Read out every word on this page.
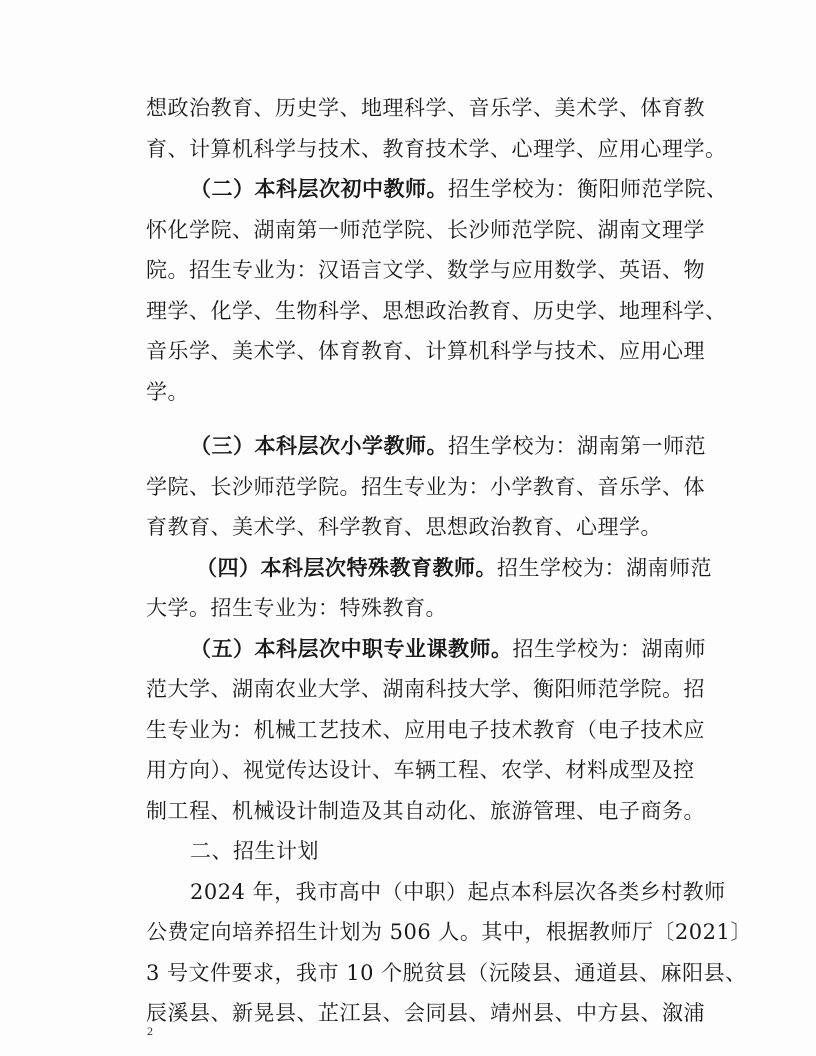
想政治教育、历史学、地理科学、音乐学、美术学、体育教
育、计算机科学与技术、教育技术学、心理学、应用心理学。
（二）本科层次初中教师。招生学校为：衡阳师范学院、
怀化学院、湖南第一师范学院、长沙师范学院、湖南文理学
院。招生专业为：汉语言文学、数学与应用数学、英语、物
理学、化学、生物科学、思想政治教育、历史学、地理科学、
音乐学、美术学、体育教育、计算机科学与技术、应用心理
学。
（三）本科层次小学教师。招生学校为：湖南第一师范
学院、长沙师范学院。招生专业为：小学教育、音乐学、体
育教育、美术学、科学教育、思想政治教育、心理学。
（四）本科层次特殊教育教师。招生学校为：湖南师范
大学。招生专业为：特殊教育。
（五）本科层次中职专业课教师。招生学校为：湖南师
范大学、湖南农业大学、湖南科技大学、衡阳师范学院。招
生专业为：机械工艺技术、应用电子技术教育（电子技术应
用方向）、视觉传达设计、车辆工程、农学、材料成型及控
制工程、机械设计制造及其自动化、旅游管理、电子商务。
二、招生计划
2024 年，我市高中（中职）起点本科层次各类乡村教师
公费定向培养招生计划为 506 人。其中，根据教师厅〔2021〕
3 号文件要求，我市 10 个脱贫县（沅陵县、通道县、麻阳县、
辰溪县、新晃县、芷江县、会同县、靖州县、中方县、溆浦
2
